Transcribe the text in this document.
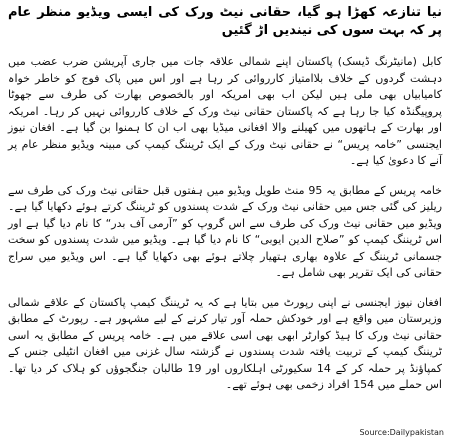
نیا تنازعہ کھڑا ہو گیا، حقانی نیٹ ورک کی ایسی ویڈیو منظر عام پر کہ بہت سوں کی نیندیں اڑ گئیں

کابل (مانیٹرنگ ڈیسک) پاکستان اپنے شمالی علاقہ جات میں جاری آپریشن ضرب عضب میں دہشت گردوں کے خلاف بلاامتیاز کارروائی کر رہا ہے اور اس میں پاک فوج کو خاطر خواہ کامیابیاں بھی ملی ہیں لیکن اب بھی امریکہ اور بالخصوص بھارت کی طرف سے جھوٹا پروپیگنڈہ کیا جا رہا ہے کہ پاکستان حقانی نیٹ ورک کے خلاف کارروائی نہیں کر رہا۔ امریکہ اور بھارت کے ہاتھوں میں کھیلنے والا افغانی میڈیا بھی اب ان کا ہمنوا بن گیا ہے۔ افغان نیوز ایجنسی ”خامہ پریس“ نے حقانی نیٹ ورک کے ایک ٹریننگ کیمپ کی مبینہ ویڈیو منظر عام پر آنے کا دعویٰ کیا ہے۔

خامہ پریس کے مطابق یہ 95 منٹ طویل ویڈیو میں ہفتوں قبل حقانی نیٹ ورک کی طرف سے ریلیز کی گئی جس میں حقانی نیٹ ورک کے شدت پسندوں کو ٹریننگ کرتے ہوئے دکھایا گیا ہے۔ ویڈیو میں حقانی نیٹ ورک کی طرف سے اس گروپ کو ”آرمی آف بدر“ کا نام دیا گیا ہے اور اس ٹریننگ کیمپ کو ”صلاح الدین ایوبی“ کا نام دیا گیا ہے۔ ویڈیو میں شدت پسندوں کو سخت جسمانی ٹریننگ کے علاوہ بھاری ہتھیار چلاتے ہوئے بھی دکھایا گیا ہے۔ اس ویڈیو میں سراج حقانی کی ایک تقریر بھی شامل ہے۔

افغان نیوز ایجنسی نے اپنی رپورٹ میں بتایا ہے کہ یہ ٹریننگ کیمپ پاکستان کے علاقے شمالی وزیرستان میں واقع ہے اور خودکش حملہ آور تیار کرنے کے لیے مشہور ہے۔ رپورٹ کے مطابق حقانی نیٹ ورک کا ہیڈ کوارٹر ابھی بھی اسی علاقے میں ہے۔ خامہ پریس کے مطابق یہ اسی ٹریننگ کیمپ کے تربیت یافتہ شدت پسندوں نے گزشتہ سال غزنی میں افغان انٹیلی جنس کے کمپاؤنڈ پر حملہ کر کے 14 سکیورٹی اہلکاروں اور 19 طالبان جنگجوؤں کو ہلاک کر دیا تھا۔ اس حملے میں 154 افراد زخمی بھی ہوئے تھے۔

Source:Dailypakistan
